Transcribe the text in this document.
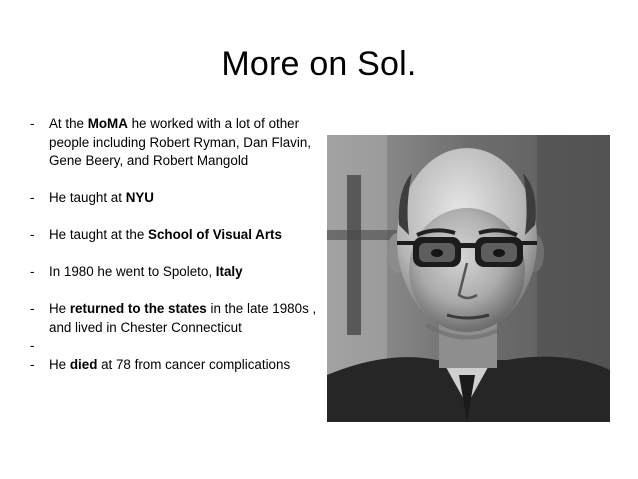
More on Sol.
- At the MoMA he worked with a lot of other people including Robert Ryman, Dan Flavin, Gene Beery, and Robert Mangold
- He taught at NYU
- He taught at the School of Visual Arts
- In 1980 he went to Spoleto, Italy
- He returned to the states in the late 1980s , and lived in Chester Connecticut
-

- He died at 78 from cancer complications
